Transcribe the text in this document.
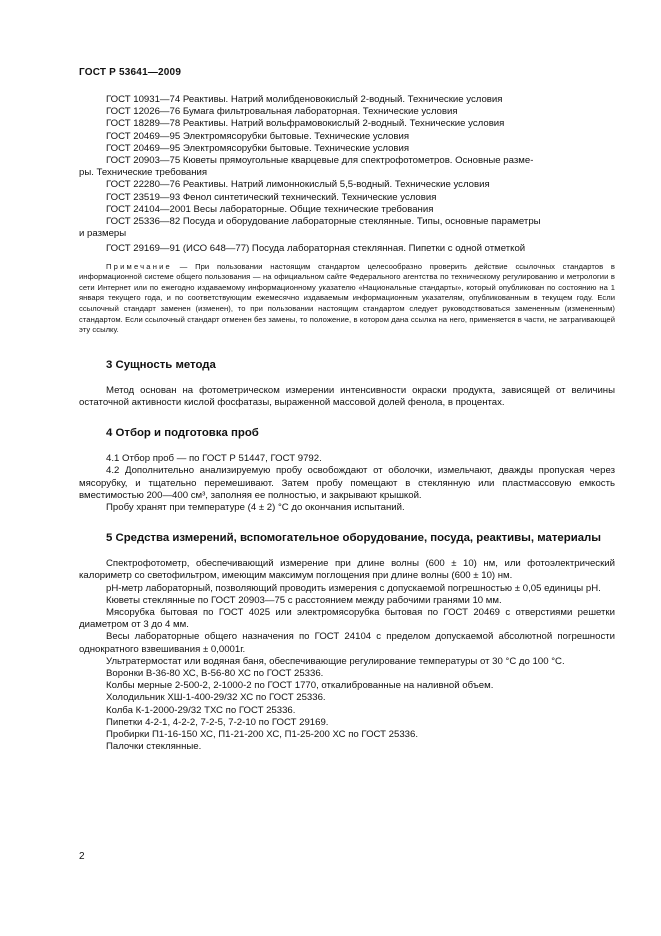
ГОСТ Р 53641—2009
ГОСТ 10931—74 Реактивы. Натрий молибденовокислый 2-водный. Технические условия
ГОСТ 12026—76 Бумага фильтровальная лабораторная. Технические условия
ГОСТ 18289—78 Реактивы. Натрий вольфрамовокислый 2-водный. Технические условия
ГОСТ 20469—95 Электромясорубки бытовые. Технические условия
ГОСТ 20469—95 Электромясорубки бытовые. Технические условия
ГОСТ 20903—75 Кюветы прямоугольные кварцевые для спектрофотометров. Основные разме-
ры. Технические требования
ГОСТ 22280—76 Реактивы. Натрий лимоннокислый 5,5-водный. Технические условия
ГОСТ 23519—93 Фенол синтетический технический. Технические условия
ГОСТ 24104—2001 Весы лабораторные. Общие технические требования
ГОСТ 25336—82 Посуда и оборудование лабораторные стеклянные. Типы, основные параметры
и размеры
ГОСТ 29169—91 (ИСО 648—77) Посуда лабораторная стеклянная. Пипетки с одной отметкой
Примечание — При пользовании настоящим стандартом целесообразно проверить действие ссылочных стандартов в информационной системе общего пользования — на официальном сайте Федерального агентства по техническому регулированию и метрологии в сети Интернет или по ежегодно издаваемому информационному указателю «Национальные стандарты», который опубликован по состоянию на 1 января текущего года, и по соответствующим ежемесячно издаваемым информационным указателям, опубликованным в текущем году. Если ссылочный стандарт заменен (изменен), то при пользовании настоящим стандартом следует руководствоваться замененным (измененным) стандартом. Если ссылочный стандарт отменен без замены, то положение, в котором дана ссылка на него, применяется в части, не затрагивающей эту ссылку.
3 Сущность метода

Метод основан на фотометрическом измерении интенсивности окраски продукта, зависящей от величины остаточной активности кислой фосфатазы, выраженной массовой долей фенола, в процентах.

4 Отбор и подготовка проб

4.1 Отбор проб — по ГОСТ Р 51447, ГОСТ 9792.

4.2 Дополнительно анализируемую пробу освобождают от оболочки, измельчают, дважды пропуская через мясорубку, и тщательно перемешивают. Затем пробу помещают в стеклянную или пластмассовую емкость вместимостью 200—400 см³, заполняя ее полностью, и закрывают крышкой.

Пробу хранят при температуре (4 ± 2) °С до окончания испытаний.

5 Средства измерений, вспомогательное оборудование, посуда, реактивы, материалы

Спектрофотометр, обеспечивающий измерение при длине волны (600 ± 10) нм, или фотоэлектрический калориметр со светофильтром, имеющим максимум поглощения при длине волны (600 ± 10) нм.

рН-метр лабораторный, позволяющий проводить измерения с допускаемой погрешностью ± 0,05 единицы рН.

Кюветы стеклянные по ГОСТ 20903—75 с расстоянием между рабочими гранями 10 мм.

Мясорубка бытовая по ГОСТ 4025 или электромясорубка бытовая по ГОСТ 20469 с отверстиями решетки диаметром от 3 до 4 мм.

Весы лабораторные общего назначения по ГОСТ 24104 с пределом допускаемой абсолютной погрешности однократного взвешивания ± 0,0001г.

Ультратермостат или водяная баня, обеспечивающие регулирование температуры от 30 °С до 100 °С.

Воронки В-36-80 ХС, В-56-80 ХС по ГОСТ 25336.

Колбы мерные 2-500-2, 2-1000-2 по ГОСТ 1770, откалиброванные на наливной объем.

Холодильник ХШ-1-400-29/32 ХС по ГОСТ 25336.

Колба К-1-2000-29/32 ТХС по ГОСТ 25336.

Пипетки 4-2-1, 4-2-2, 7-2-5, 7-2-10 по ГОСТ 29169.

Пробирки П1-16-150 ХС, П1-21-200 ХС, П1-25-200 ХС по ГОСТ 25336.

Палочки стеклянные.

2
